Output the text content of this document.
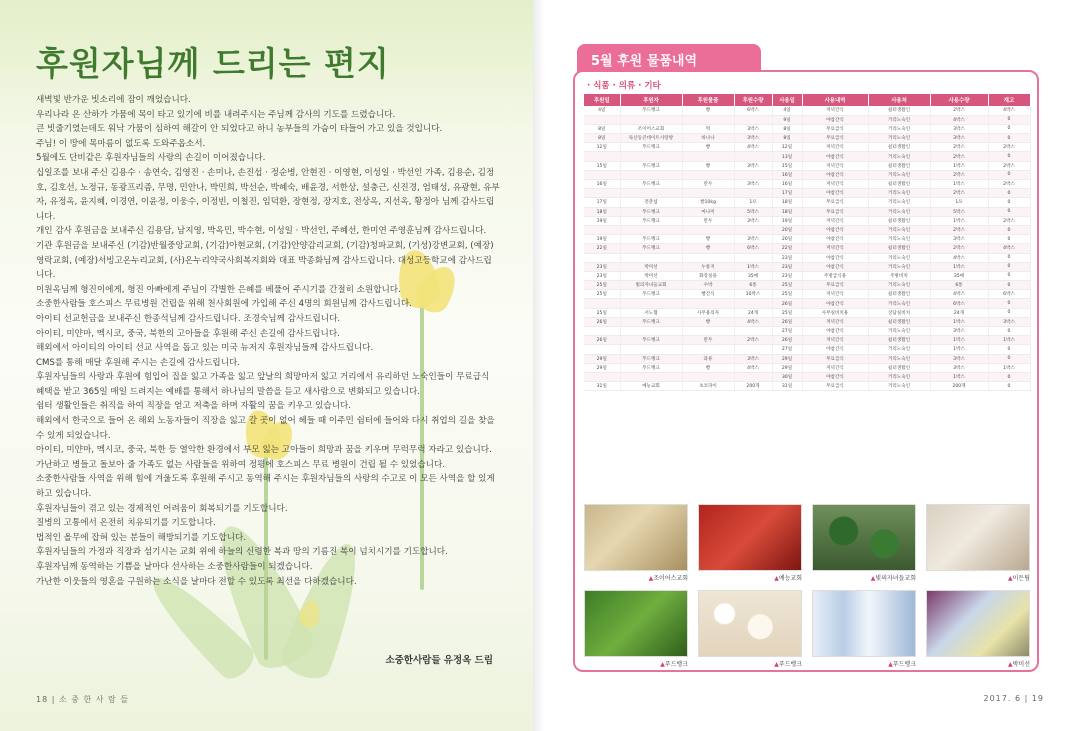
후원자님께 드리는 편지

새벽빛 반가운 빗소리에 잠이 깨었습니다.

우리나라 온 산하가 가뭄에 목이 타고 있기에 비를 내려주시는 주님께 감사의 기도를 드렸습니다.

큰 빗줄기였는데도 워낙 가뭄이 심하여 해갈이 안 되었다고 하니 농부들의 가슴이 타들어 가고 있을 것입니다.

주님! 이 땅에 목마름이 없도록 도와주옵소서.

5월에도 단비같은 후원자님들의 사랑의 손길이 이어졌습니다.

십일조를 보내 주신 김용수 · 송연숙, 김영진 · 손미나, 손진섭 · 정순병, 안현진 · 이영현, 이성일 · 박선인 가족, 김용순, 김정호, 김호선, 노정규, 동광프리즘, 무명, 민안나, 박민희, 박선순, 박혜숙, 배윤경, 서한상, 설충근, 신진경, 엄태성, 유광현, 유부자, 유정옥, 윤지혜, 이경연, 이윤정, 이웅수, 이정빈, 이철진, 임덕환, 장현정, 장지호, 전상옥, 지선옥, 황정아 님께 감사드립니다.

개인 감사 후원금을 보내주신 김용담, 남지영, 박옥민, 박수현, 이성일 · 박선인, 주혜선, 한미연 주영훈님께 감사드립니다.

기관 후원금을 보내주신 (기감)반월중앙교회, (기감)아현교회, (기감)안양감리교회, (기감)청파교회, (기성)강변교회, (예장)영락교회, (예장)서빙고온누리교회, (사)온누리약국사회복지회와 대표 박종화님께 감사드립니다. 대성고등학교에 감사드립니다.

이원옥님께 형진이에게, 형진 아빠에게 주님이 각별한 은혜를 베풀어 주시기를 간절히 소원합니다.

소중한사람들 호스피스 무료병원 건립을 위해 천사회원에 가입해 주신 4명의 회원님께 감사드립니다.

아이티 선교헌금을 보내주신 한종석님께 감사드립니다. 조경숙님께 감사드립니다.

아이티, 미얀마, 멕시코, 중국, 북한의 고아들을 후원해 주신 손길에 감사드립니다.

해외에서 아이티의 아이티 선교 사역을 돕고 있는 미국 뉴저지 후원자님들께 감사드립니다.

CMS를 통해 매달 후원해 주시는 손길에 감사드립니다.

후원자님들의 사랑과 후원에 힘입어 집을 잃고 가족을 잃고 앞날의 희망마저 잃고 거리에서 유리하던 노숙인들이 무료급식 혜택을 받고 365일 매일 드려지는 예배를 통해서 하나님의 말씀을 듣고 새사람으로 변화되고 있습니다.

쉼터 생활인들은 취직을 하여 직장을 얻고 저축을 하며 자활의 꿈을 키우고 있습니다.

해외에서 한국으로 들어 온 해외 노동자들이 직장을 잃고 갈 곳이 없어 헤들 때 이주민 쉼터에 들어와 다시 취업의 길을 찾을 수 있게 되었습니다.

아이티, 미얀마, 멕시코, 중국, 북한 등 열악한 환경에서 부모 잃는 고아들이 희망과 꿈을 키우며 무럭무럭 자라고 있습니다.

가난하고 병들고 돌보아 줄 가족도 없는 사람들을 위하여 정평에 호스피스 무료 병원이 건립 될 수 있었습니다.

소중한사람들 사역을 위해 힘에 겨울도록 후원해 주시고 동역해 주시는 후원자님들의 사랑의 수고로 이 모든 사역을 할 있게 하고 있습니다.

후원자님들이 겪고 있는 경제적인 어려움이 회복되기를 기도합니다.

질병의 고통에서 온전히 치유되기를 기도합니다.

법적인 올무에 잡혀 있는 분들이 해방되기를 기도합니다.

후원자님들의 가정과 직장과 섬기시는 교회 위에 하늘의 신령한 복과 땅의 기름진 복이 넘치시기를 기도합니다.

후원자님께 동역하는 기쁨을 날마다 선사하는 소중한사람들이 되겠습니다.

가난한 이웃들의 영혼을 구원하는 소식을 날마다 전할 수 있도록 최선을 다하겠습니다.

소중한사람들 유정옥 드림
18 | 소 중 한 사 람 들
5월 후원 물품내역
· 식품 · 의류 · 기타
후원일	후원자	후원물품	후원수량	사용일	사용내역	사용처	사용수량	재고
4일	푸드뱅크	빵	6박스	4일	저녁간식	쉼터생활인	2박스	4박스
				9일	야참간식	거리노숙인	4박스	0
8일	조이어스교회	떡	3박스	8일	무료급식	거리노숙인	3박스	0
8일	독산동큰데이트사랑방	바나나	3박스	8일	무료급식	거리노숙인	3박스	0
12일	푸드뱅크	빵	4박스	12일	저녁간식	쉼터생활인	2박스	2박스
				13일	야참간식	거리노숙인	2박스	0
15일	푸드뱅크	빵	3박스	15일	저녁간식	쉼터생활인	1박스	2박스
				16일	야참간식	거리노숙인	2박스	0
16일	푸드뱅크	만두	3박스	16일	저녁간식	쉼터생활인	1박스	2박스
				17일	야참간식	거리노숙인	2박스	0
17일	전춘섭	쌀10kg	1포	18일	무료급식	거리노숙인	1포	0
18일	푸드뱅크	마나미	5박스	18일	무료급식	거리노숙인	5박스	0
19일	푸드뱅크	만두	3박스	19일	저녁간식	쉼터생활인	1박스	2박스
				20일	야참간식	거리노숙인	2박스	0
19일	푸드뱅크	빵	3박스	20일	야참간식	거리노숙인	3박스	0
22일	푸드뱅크	빵	6박스	22일	저녁간식	쉼터생활인	2박스	4박스
				23일	야참간식	거리노숙인	4박스	0
23일	박미선	누룽지	1박스	23일	야참간식	거리노숙인	1박스	0
23일	박미선	화장실용	35매	23일	주방급식용	주방비치	35매	0
25일	빛의자녀들교회	수박	6통	25일	무료급식	거리노숙인	6통	0
25일	푸드뱅크	빵간식	10박스	25일	저녁간식	쉼터생활인	4박스	6박스
				26일	야참간식	거리노숙인	6박스	0
25일	서노협	사무용의자	24개	25일	사무실비치용	상담실비치	24개	0
26일	푸드뱅크	빵	4박스	26일	저녁간식	쉼터생활인	1박스	3박스
				27일	야참간식	거리노숙인	3박스	0
26일	푸드뱅크	만두	2박스	26일	저녁간식	쉼터생활인	1박스	1박스
				27일	야참간식	거리노숙인	1박스	0
29일	푸드뱅크	과류	3박스	29일	무료급식	거리노숙인	3박스	0
29일	푸드뱅크	빵	4박스	29일	저녁간식	쉼터생활인	3박스	1박스
				30일	야참간식	거리노숙인	1박스	0
31일	예능교회	초코파이	200개	31일	무료급식	거리노숙인	200개	0
▲조이어스교회	▲예능교회	▲빛의자녀들교회	▲이든팀
▲푸드뱅크	▲푸드뱅크	▲푸드뱅크	▲박미선
2017. 6 | 19
